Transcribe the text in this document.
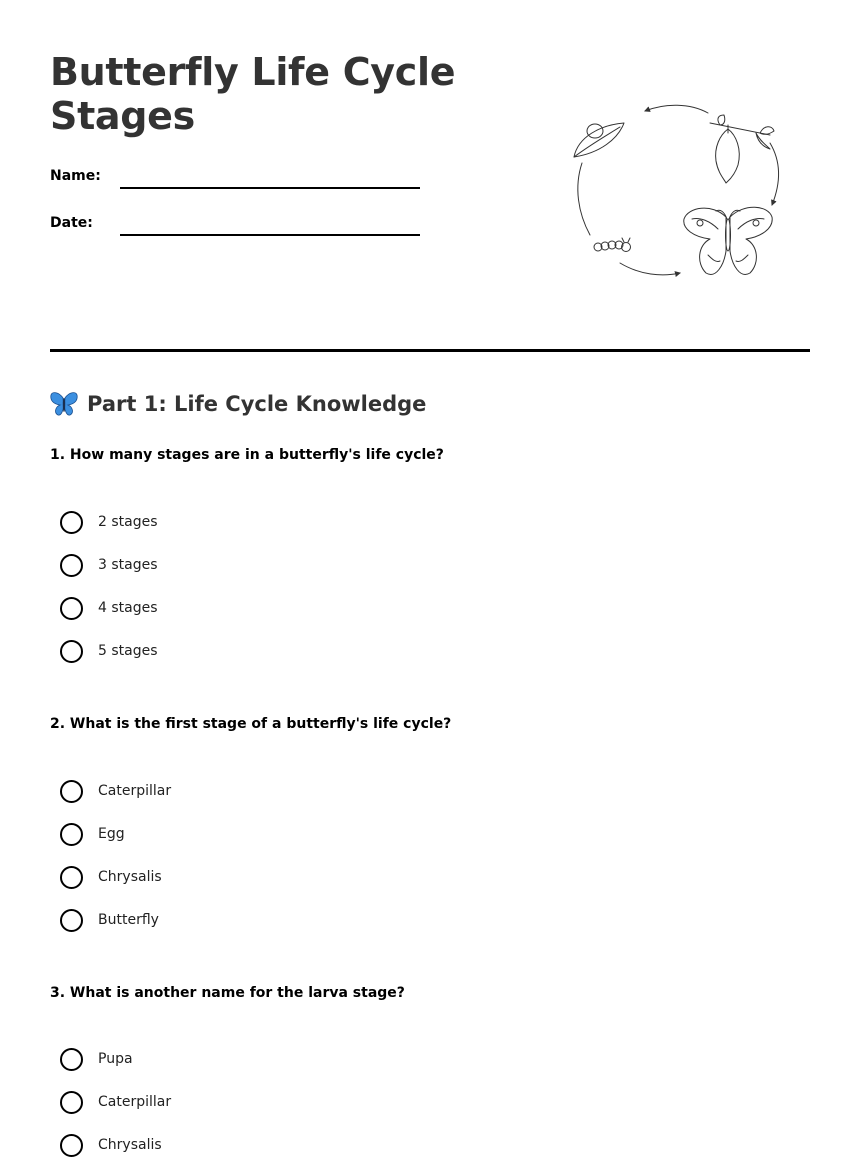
Butterfly Life Cycle Stages
Name:
Date:
Part 1: Life Cycle Knowledge

1. How many stages are in a butterfly's life cycle?

2 stages
3 stages
4 stages
5 stages

2. What is the first stage of a butterfly's life cycle?

Caterpillar
Egg
Chrysalis
Butterfly

3. What is another name for the larva stage?

Pupa
Caterpillar
Chrysalis
